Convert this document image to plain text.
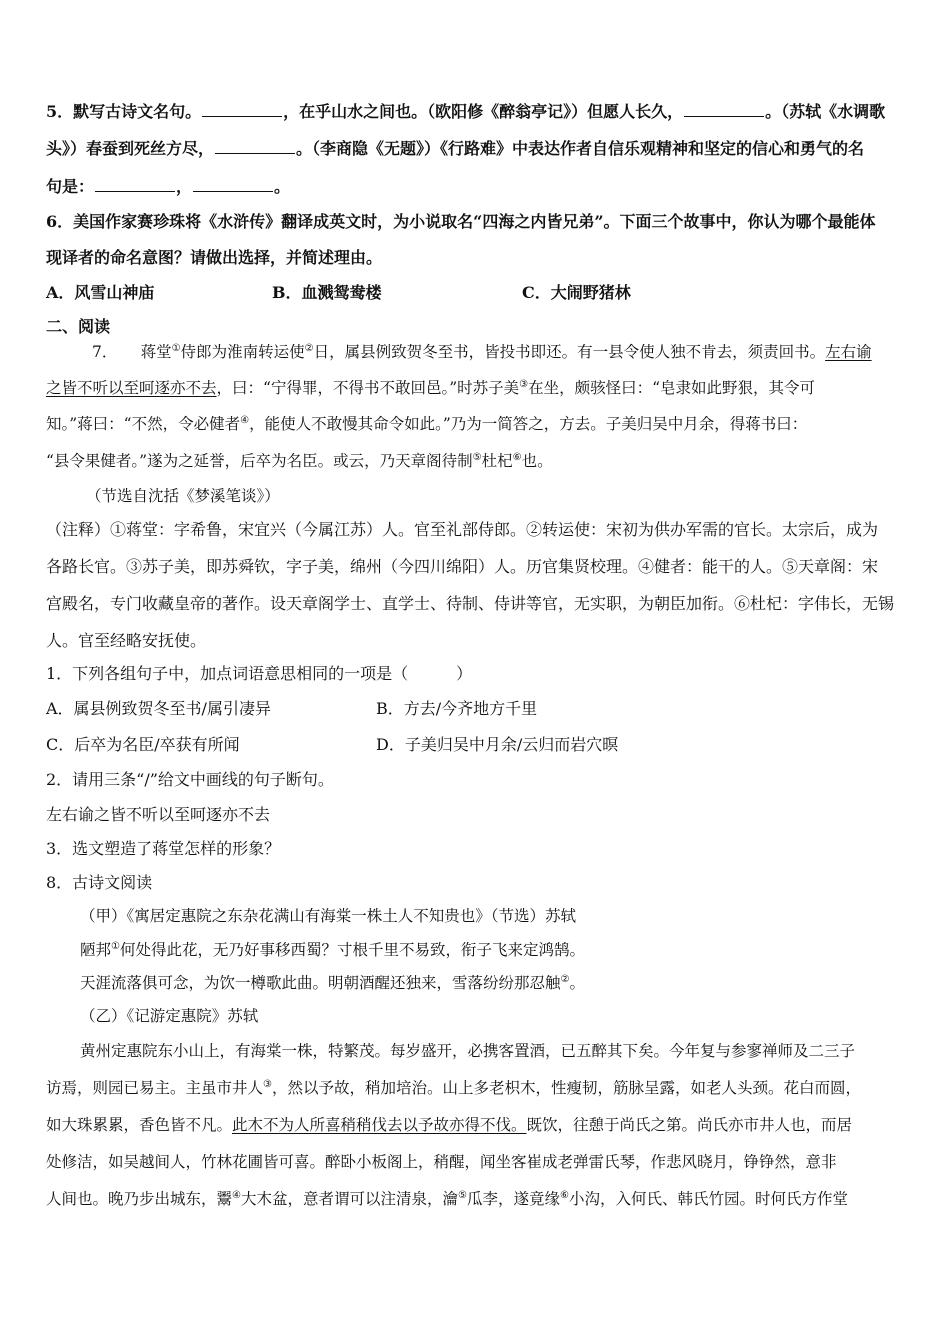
5．默写古诗文名句。	，在乎山水之间也。（欧阳修《醉翁亭记》）但愿人长久，	。（苏轼《水调歌
头》）春蚕到死丝方尽，	。（李商隐《无题》）《行路难》中表达作者自信乐观精神和坚定的信心和勇气的名
句是：	，	。
6．美国作家赛珍珠将《水浒传》翻译成英文时，为小说取名“四海之内皆兄弟”。下面三个故事中，你认为哪个最能体
现译者的命名意图？请做出选择，并简述理由。
A．风雪山神庙	B．血溅鸳鸯楼	C．大闹野猪林
二、阅读
7．　　蒋堂①侍郎为淮南转运使②日，属县例致贺冬至书，皆投书即还。有一县令使人独不肯去，须责回书。左右谕
之皆不听以至呵逐亦不去，曰：“宁得罪，不得书不敢回邑。”时苏子美③在坐，颇骇怪曰：“皂隶如此野狠，其令可
知。”蒋曰：“不然，令必健者④，能使人不敢慢其命令如此。”乃为一简答之，方去。子美归吴中月余，得蒋书曰：
“县令果健者。”遂为之延誉，后卒为名臣。或云，乃天章阁待制⑤杜杞⑥也。
（节选自沈括《梦溪笔谈》）
（注释）①蒋堂：字希鲁，宋宜兴（今属江苏）人。官至礼部侍郎。②转运使：宋初为供办军需的官长。太宗后，成为
各路长官。③苏子美，即苏舜钦，字子美，绵州（今四川绵阳）人。历官集贤校理。④健者：能干的人。⑤天章阁：宋
宫殿名，专门收藏皇帝的著作。设天章阁学士、直学士、待制、侍讲等官，无实职，为朝臣加衔。⑥杜杞：字伟长，无锡
人。官至经略安抚使。
1．下列各组句子中，加点词语意思相同的一项是（　　　）
A．属县例致贺冬至书/属引凄异	B．方去/今齐地方千里
C．后卒为名臣/卒获有所闻	D．子美归吴中月余/云归而岩穴暝
2．请用三条“/”给文中画线的句子断句。
左右谕之皆不听以至呵逐亦不去
3．选文塑造了蒋堂怎样的形象？
8．古诗文阅读
（甲）《寓居定惠院之东杂花满山有海棠一株土人不知贵也》（节选）苏轼
陋邦①何处得此花，无乃好事移西蜀？寸根千里不易致，衔子飞来定鸿鹄。
天涯流落俱可念，为饮一樽歌此曲。明朝酒醒还独来，雪落纷纷那忍触②。
（乙）《记游定惠院》苏轼
黄州定惠院东小山上，有海棠一株，特繁茂。每岁盛开，必携客置酒，已五醉其下矣。今年复与参寥禅师及二三子
访焉，则园已易主。主虽市井人③，然以予故，稍加培治。山上多老枳木，性瘦韧，筋脉呈露，如老人头颈。花白而圆，
如大珠累累，香色皆不凡。此木不为人所喜稍稍伐去以予故亦得不伐。既饮，往憩于尚氏之第。尚氏亦市井人也，而居
处修洁，如吴越间人，竹林花圃皆可喜。醉卧小板阁上，稍醒，闻坐客崔成老弹雷氏琴，作悲风晓月，铮铮然，意非
人间也。晚乃步出城东，鬻④大木盆，意者谓可以注清泉，瀹⑤瓜李，遂竟缘⑥小沟，入何氏、韩氏竹园。时何氏方作堂
